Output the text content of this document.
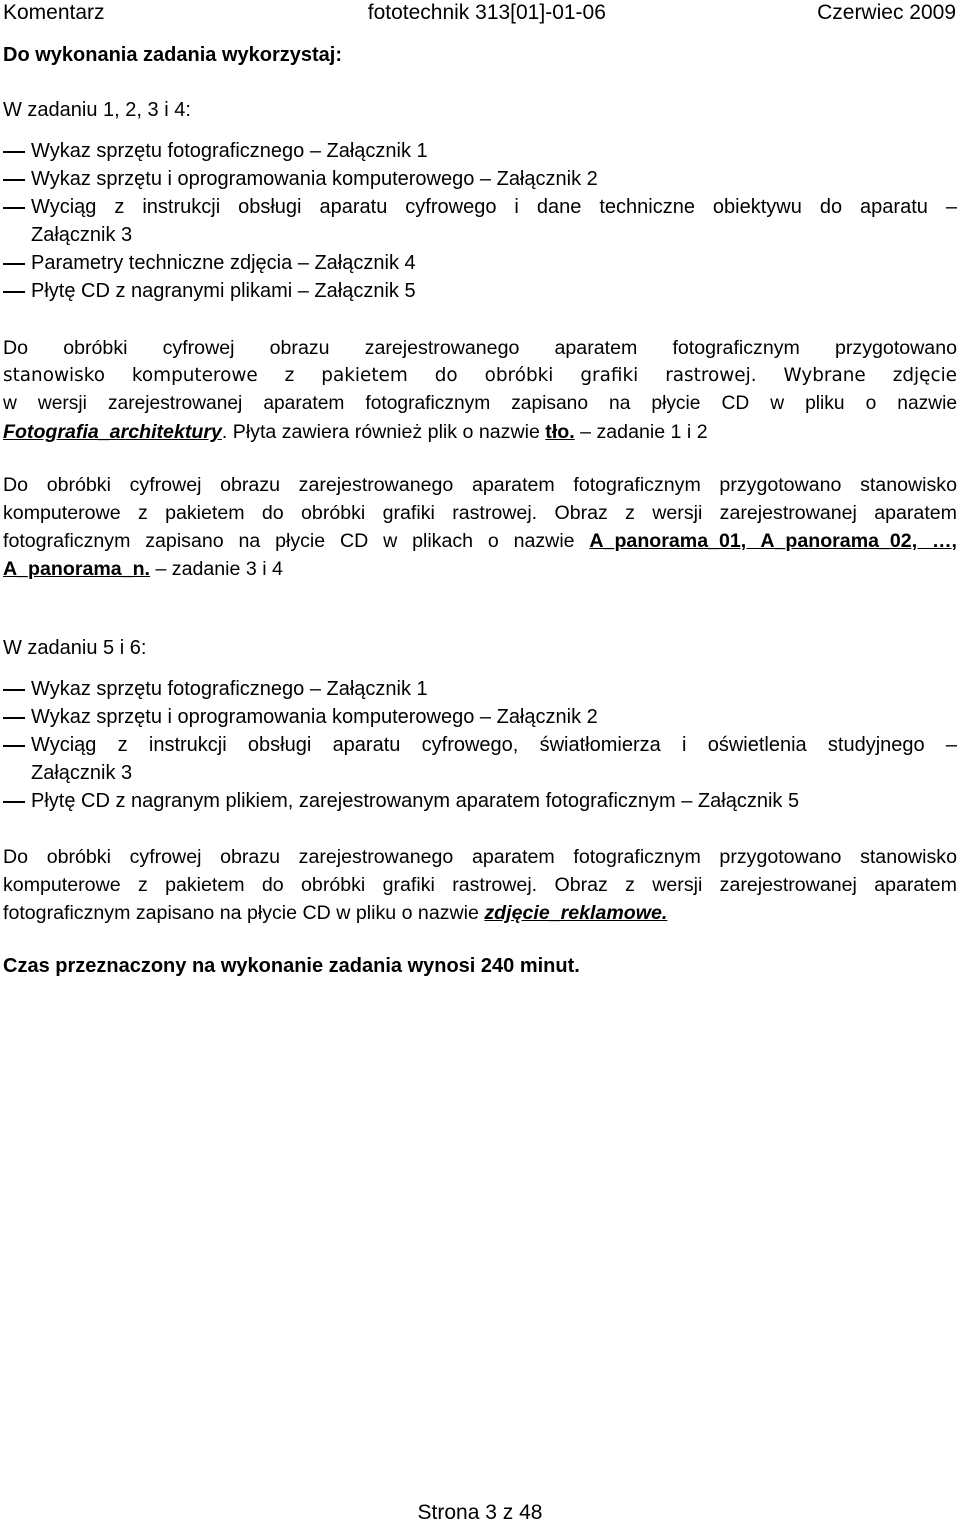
Komentarz	fototechnik 313[01]-01-06	Czerwiec 2009
Do wykonania zadania wykorzystaj:
W zadaniu 1, 2, 3 i 4:
Wykaz sprzętu fotograficznego – Załącznik 1
Wykaz sprzętu i oprogramowania komputerowego – Załącznik 2
Wyciąg z instrukcji obsługi aparatu cyfrowego i dane techniczne obiektywu do aparatu –
Załącznik 3
Parametry techniczne zdjęcia – Załącznik 4
Płytę CD z nagranymi plikami – Załącznik 5
Do obróbki cyfrowej obrazu zarejestrowanego aparatem fotograficznym przygotowano
stanowisko komputerowe z pakietem do obróbki grafiki rastrowej. Wybrane zdjęcie
w wersji zarejestrowanej aparatem fotograficznym zapisano na płycie CD w pliku o nazwie
Fotografia_architektury. Płyta zawiera również plik o nazwie tło. – zadanie 1 i 2
Do obróbki cyfrowej obrazu zarejestrowanego aparatem fotograficznym przygotowano stanowisko komputerowe z pakietem do obróbki grafiki rastrowej. Obraz z wersji zarejestrowanej aparatem fotograficznym zapisano na płycie CD w plikach o nazwie A_panorama_01, A_panorama_02, …, A_panorama_n. – zadanie 3 i 4
W zadaniu 5 i 6:
Wykaz sprzętu fotograficznego – Załącznik 1
Wykaz sprzętu i oprogramowania komputerowego – Załącznik 2
Wyciąg z instrukcji obsługi aparatu cyfrowego, światłomierza i oświetlenia studyjnego –
Załącznik 3
Płytę CD z nagranym plikiem, zarejestrowanym aparatem fotograficznym – Załącznik 5
Do obróbki cyfrowej obrazu zarejestrowanego aparatem fotograficznym przygotowano stanowisko komputerowe z pakietem do obróbki grafiki rastrowej. Obraz z wersji zarejestrowanej aparatem fotograficznym zapisano na płycie CD w pliku o nazwie zdjęcie_reklamowe.
Czas przeznaczony na wykonanie zadania wynosi 240 minut.
Strona 3 z 48
